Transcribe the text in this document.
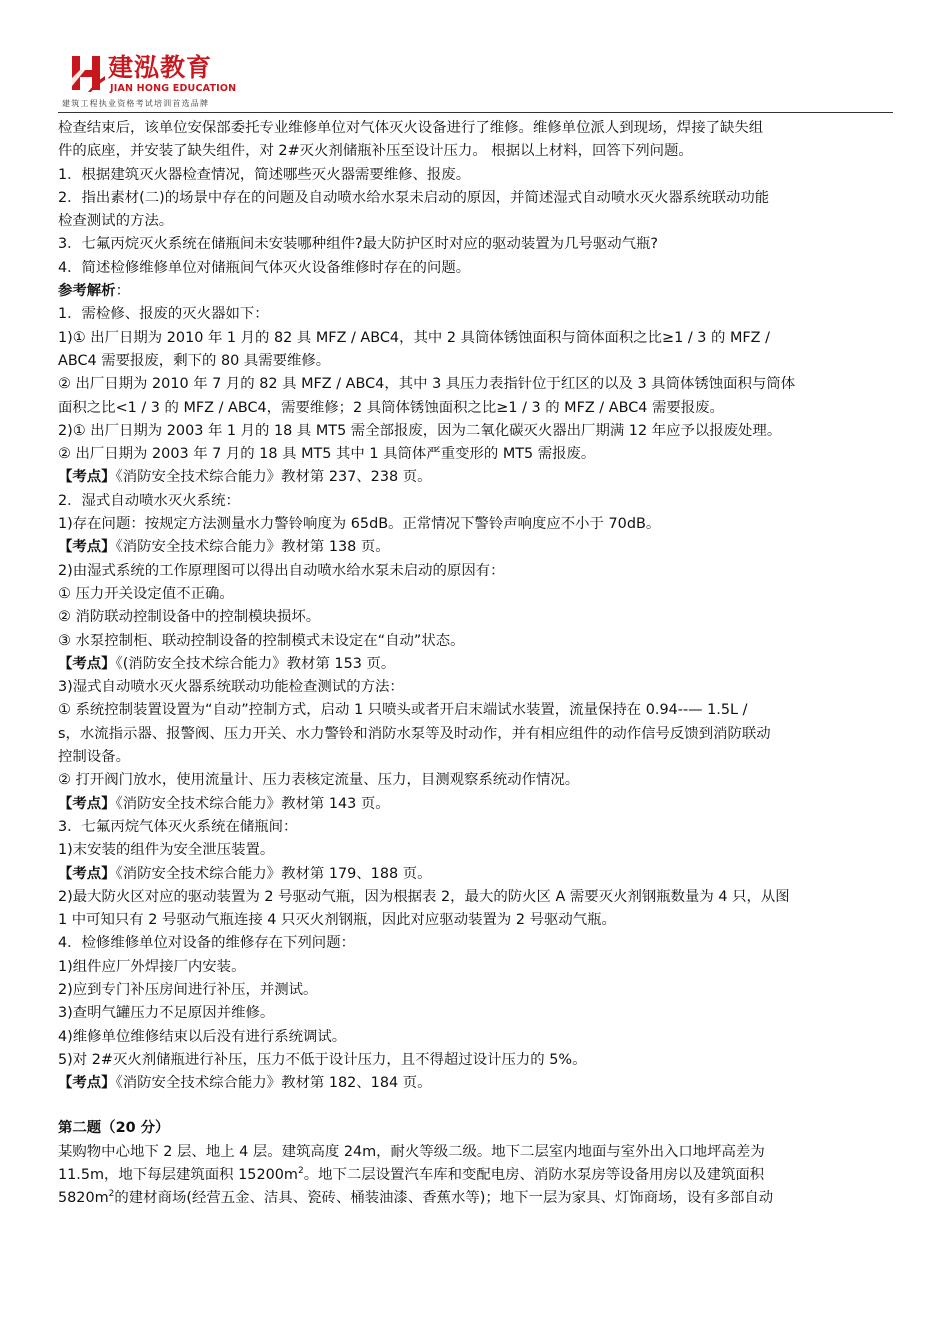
建泓教育
JIAN HONG EDUCATION
建筑工程执业资格考试培训首选品牌

检查结束后，该单位安保部委托专业维修单位对气体灭火设备进行了维修。维修单位派人到现场，焊接了缺失组

件的底座，并安装了缺失组件，对 2#灭火剂储瓶补压至设计压力。 根据以上材料，回答下列问题。

1．根据建筑灭火器检查情况，简述哪些灭火器需要维修、报废。

2．指出素材(二)的场景中存在的问题及自动喷水给水泵未启动的原因，并简述湿式自动喷水灭火器系统联动功能

检查测试的方法。

3．七氟丙烷灭火系统在储瓶间未安装哪种组件?最大防护区时对应的驱动装置为几号驱动气瓶?

4．简述检修维修单位对储瓶间气体灭火设备维修时存在的问题。

参考解析：

1．需检修、报废的灭火器如下：

1)① 出厂日期为 2010 年 1 月的 82 具 MFZ / ABC4，其中 2 具筒体锈蚀面积与筒体面积之比≥1 / 3 的 MFZ /

ABC4 需要报废，剩下的 80 具需要维修。

② 出厂日期为 2010 年 7 月的 82 具 MFZ / ABC4，其中 3 具压力表指针位于红区的以及 3 具筒体锈蚀面积与筒体

面积之比<1 / 3 的 MFZ / ABC4，需要维修；2 具筒体锈蚀面积之比≥1 / 3 的 MFZ / ABC4 需要报废。

2)① 出厂日期为 2003 年 1 月的 18 具 MT5 需全部报废，因为二氧化碳灭火器出厂期满 12 年应予以报废处理。

② 出厂日期为 2003 年 7 月的 18 具 MT5 其中 1 具筒体严重变形的 MT5 需报废。

【考点】《消防安全技术综合能力》教材第 237、238 页。

2．湿式自动喷水灭火系统：

1)存在问题：按规定方法测量水力警铃响度为 65dB。正常情况下警铃声响度应不小于 70dB。

【考点】《消防安全技术综合能力》教材第 138 页。

2)由湿式系统的工作原理图可以得出自动喷水给水泵未启动的原因有：

① 压力开关设定值不正确。

② 消防联动控制设备中的控制模块损坏。

③ 水泵控制柜、联动控制设备的控制模式未设定在“自动”状态。

【考点】《(消防安全技术综合能力》教材第 153 页。

3)湿式自动喷水灭火器系统联动功能检查测试的方法：

① 系统控制装置设置为“自动”控制方式，启动 1 只喷头或者开启末端试水装置，流量保持在 0.94--— 1.5L /

s，水流指示器、报警阀、压力开关、水力警铃和消防水泵等及时动作，并有相应组件的动作信号反馈到消防联动

控制设备。

② 打开阀门放水，使用流量计、压力表核定流量、压力，目测观察系统动作情况。

【考点】《消防安全技术综合能力》教材第 143 页。

3．七氟丙烷气体灭火系统在储瓶间：

1)末安装的组件为安全泄压装置。

【考点】《消防安全技术综合能力》教材第 179、188 页。

2)最大防火区对应的驱动装置为 2 号驱动气瓶，因为根据表 2，最大的防火区 A 需要灭火剂钢瓶数量为 4 只，从图

1 中可知只有 2 号驱动气瓶连接 4 只灭火剂钢瓶，因此对应驱动装置为 2 号驱动气瓶。

4．检修维修单位对设备的维修存在下列问题：

1)组件应厂外焊接厂内安装。

2)应到专门补压房间进行补压，并测试。

3)查明气罐压力不足原因并维修。

4)维修单位维修结束以后没有进行系统调试。

5)对 2#灭火剂储瓶进行补压，压力不低于设计压力，且不得超过设计压力的 5%。

【考点】《消防安全技术综合能力》教材第 182、184 页。

第二题（20 分）

某购物中心地下 2 层、地上 4 层。建筑高度 24m，耐火等级二级。地下二层室内地面与室外出入口地坪高差为

11.5m，地下每层建筑面积 $15200m^2$。地下二层设置汽车库和变配电房、消防水泵房等设备用房以及建筑面积

$5820m^2$的建材商场(经营五金、洁具、瓷砖、桶装油漆、香蕉水等)；地下一层为家具、灯饰商场，设有多部自动
